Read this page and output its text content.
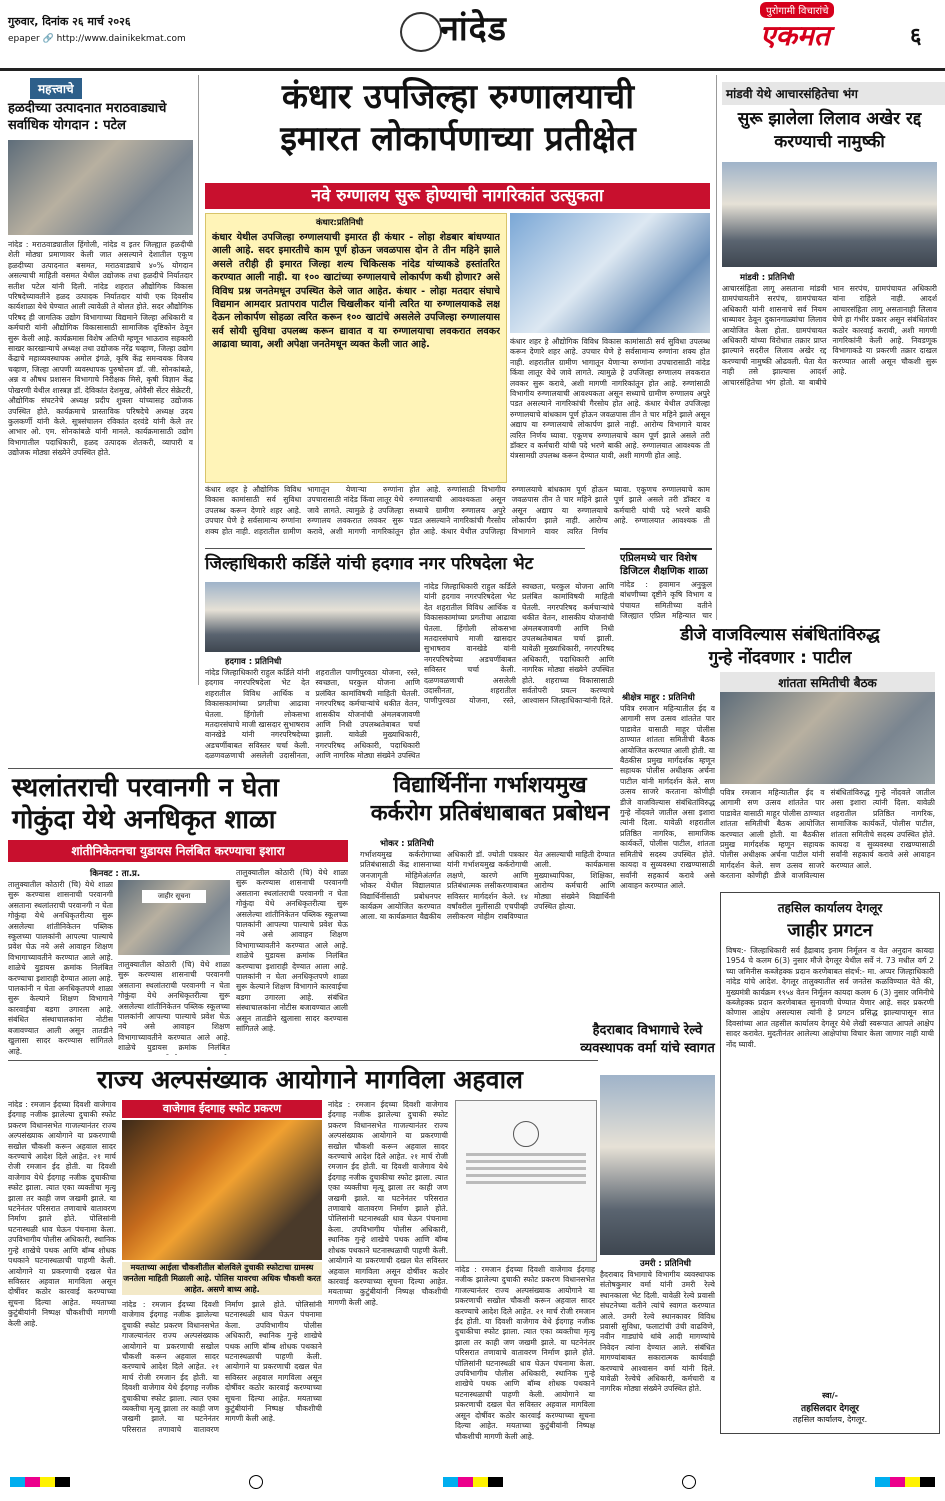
गुरुवार, दिनांक २६ मार्च २०२६
epaper 🔗 http://www.dainikekmat.com	नांदेड	पुरोगामी विचारांचे
एकमत	६
महत्त्वाचे
हळदीच्या उत्पादनात मराठवाड्याचे सर्वाधिक योगदान : पटेल
नांदेड : मराठवाड्यातील हिंगोली, नांदेड व इतर जिल्ह्यात हळदीची शेती मोठ्या प्रमाणावर केली जात असल्याने देशातील एकूण हळदीच्या उत्पादनात बसमत, मराठवाड्याचे ४०% योगदान असल्याची माहिती वसमत येथील उद्योजक तथा हळदीचे निर्यातदार सतीश पटेल यांनी दिली. नांदेड शहरात औद्योगिक विकास परिषदेच्यावतीने हळद उत्पादक निर्यातदार यांची एक दिवसीय कार्यशाळा येथे घेण्यात आली त्यावेळी ते बोलत होते. सदर औद्योगिक परिषद ही जागतिक उद्योग विभागाच्या विद्यमाने जिल्हा अधिकारी व कर्मचारी यांनी औद्योगिक विकासासाठी सामाजिक दृष्टिकोन ठेवून सुरू केली आहे. कार्यक्रमास विशेष अतिथी म्हणून भाऊराव सहकारी साखर कारखान्याचे अध्यक्ष तथा उद्योजक नरेंद्र चव्हाण, जिल्हा उद्योग केंद्राचे महाव्यवस्थापक अमोल इंगळे, कृषि केंद्र समन्वयक विजय चव्हाण, जिल्हा आपणी व्यवस्थापक पुरुषोत्तम डॉ. जी. सोनकांबळे, अन्न व औषध प्रशासन विभागाचे निरीक्षक मिसे, कृषी विज्ञान केंद्र पोखरणी येथील शास्त्रज्ञ डॉ. देविकांत देशमुख, ओवैसी सेंटर सेक्रेटरी, औद्योगिक संघटनेचे अध्यक्ष प्रदीप शुक्ला यांच्यासह उद्योजक उपस्थित होते. कार्यक्रमाचे प्रास्ताविक परिषदेचे अध्यक्ष उदय कुलकर्णी यांनी केले. सूत्रसंचालन रविकांत दरवंडे यांनी केले तर आभार ओ. एम. सोनकांबळे यांनी मानले. कार्यक्रमासाठी उद्योग विभागातील पदाधिकारी, हळद उत्पादक शेतकरी, व्यापारी व उद्योजक मोठ्या संख्येने उपस्थित होते.
कंधार उपजिल्हा रुग्णालयाची
इमारत लोकार्पणाच्या प्रतीक्षेत
नवे रुग्णालय सुरू होण्याची नागरिकांत उत्सुकता
कंधार:प्रतिनिधी
कंधार येथील उपजिल्हा रुग्णालयाची इमारत ही कंधार - लोहा शेडबार बांधण्यात आली आहे. सदर इमारतीचे काम पूर्ण होऊन जवळपास दोन ते तीन महिने झाले असले तरीही ही इमारत जिल्हा शल्य चिकित्सक नांदेड यांच्याकडे हस्तांतरित करण्यात आली नाही. या १०० खाटांच्या रुग्णालयाचे लोकार्पण कधी होणार? असे विविध प्रश्न जनतेमधून उपस्थित केले जात आहेत. कंधार - लोहा मतदार संघाचे विद्यमान आमदार प्रतापराव पाटील चिखलीकर यांनी त्वरित या रुग्णालयाकडे लक्ष देऊन लोकार्पण सोहळा त्वरित करून १०० खाटांचे असलेले उपजिल्हा रुग्णालयास सर्व सोयी सुविधा उपलब्ध करून द्यावात व या रुग्णालयाचा लवकरात लवकर आढावा घ्यावा, अशी अपेक्षा जनतेमधून व्यक्त केली जात आहे.	कंधार शहर हे औद्योगिक विविध विकास कामांसाठी सर्व सुविधा उपलब्ध करून देणारे शहर आहे. उपचार घेणे हे सर्वसामान्य रुग्णांना शक्य होत नाही. शहरातील ग्रामीण भागातून येणाऱ्या रुग्णांना उपचारासाठी नांदेड किंवा लातूर येथे जावे लागते. त्यामुळे हे उपजिल्हा रुग्णालय लवकरात लवकर सुरू करावे, अशी मागणी नागरिकांतून होत आहे. रुग्णांसाठी विभागीय रुग्णालयाची आवश्यकता असून सध्याचे ग्रामीण रुग्णालय अपुरे पडत असल्याने नागरिकांची गैरसोय होत आहे. कंधार येथील उपजिल्हा रुग्णालयाचे बांधकाम पूर्ण होऊन जवळपास तीन ते चार महिने झाले असून अद्याप या रुग्णालयाचे लोकार्पण झाले नाही. आरोग्य विभागाने यावर त्वरित निर्णय घ्यावा. एकूणच रुग्णालयाचे काम पूर्ण झाले असले तरी डॉक्टर व कर्मचारी यांची पदे भरणे बाकी आहे. रुग्णालयात आवश्यक ती यंत्रसामग्री उपलब्ध करून देण्यात यावी, अशी मागणी होत आहे.
कंधार शहर हे औद्योगिक विविध विकास कामांसाठी सर्व सुविधा उपलब्ध करून देणारे शहर आहे. उपचार घेणे हे सर्वसामान्य रुग्णांना शक्य होत नाही. शहरातील ग्रामीण भागातून येणाऱ्या रुग्णांना उपचारासाठी नांदेड किंवा लातूर येथे जावे लागते. त्यामुळे हे उपजिल्हा रुग्णालय लवकरात लवकर सुरू करावे, अशी मागणी नागरिकांतून होत आहे. रुग्णांसाठी विभागीय रुग्णालयाची आवश्यकता असून सध्याचे ग्रामीण रुग्णालय अपुरे पडत असल्याने नागरिकांची गैरसोय होत आहे. कंधार येथील उपजिल्हा रुग्णालयाचे बांधकाम पूर्ण होऊन जवळपास तीन ते चार महिने झाले असून अद्याप या रुग्णालयाचे लोकार्पण झाले नाही. आरोग्य विभागाने यावर त्वरित निर्णय घ्यावा. एकूणच रुग्णालयाचे काम पूर्ण झाले असले तरी डॉक्टर व कर्मचारी यांची पदे भरणे बाकी आहे. रुग्णालयात आवश्यक ती
मांडवी येथे आचारसंहितेचा भंग
सुरू झालेला लिलाव अखेर रद्द करण्याची नामुष्की
मांडवी : प्रतिनिधी
आचारसंहिता लागू असताना मांडवी ग्रामपंचायतीने सरपंच, ग्रामपंचायत अधिकारी यांनी शासनाचे सर्व नियम धाब्यावर ठेवून दुकानगाळ्यांचा लिलाव आयोजित केला होता. ग्रामपंचायत अधिकारी यांच्या विरोधात तक्रार प्राप्त झाल्याने सदरील लिलाव अखेर रद्द करण्याची नामुष्की ओढवली. घेता येत नाही तसे झाल्यास आदर्श आचारसंहितेचा भंग होतो. या बाबीचे भान सरपंच, ग्रामपंचायत अधिकारी यांना राहिले नाही. आदर्श आचारसंहिता लागू असतानाही लिलाव घेणे हा गंभीर प्रकार असून संबंधितांवर कठोर कारवाई करावी, अशी मागणी नागरिकांनी केली आहे. निवडणूक विभागाकडे या प्रकरणी तक्रार दाखल करण्यात आली असून चौकशी सुरू आहे.
जिल्हाधिकारी कर्डिले यांची हदगाव नगर परिषदेला भेट
हदगाव : प्रतिनिधी
नांदेड जिल्हाधिकारी राहुल कर्डिले यांनी हदगाव नगरपरिषदेला भेट देत शहरातील विविध आर्थिक व विकासकामांच्या प्रगतीचा आढावा घेतला. हिंगोली लोकसभा मतदारसंघाचे माजी खासदार सुभाषराव वानखेडे यांनी नगरपरिषदेच्या अडचणींबाबत सविस्तर चर्चा केली. दळणवळणाची असलेली उदासीनता, शहरातील पाणीपुरवठा योजना, रस्ते, स्वच्छता, घरकुल योजना आणि प्रलंबित कामांविषयी माहिती घेतली. नगरपरिषद कर्मचाऱ्यांचे थकीत वेतन, शासकीय योजनांची अंमलबजावणी आणि निधी उपलब्धतेबाबत चर्चा झाली. यावेळी मुख्याधिकारी, नगरपरिषद अधिकारी, पदाधिकारी आणि नागरिक मोठ्या संख्येने उपस्थित
नांदेड जिल्हाधिकारी राहुल कर्डिले यांनी हदगाव नगरपरिषदेला भेट देत शहरातील विविध आर्थिक व विकासकामांच्या प्रगतीचा आढावा घेतला. हिंगोली लोकसभा मतदारसंघाचे माजी खासदार सुभाषराव वानखेडे यांनी नगरपरिषदेच्या अडचणींबाबत सविस्तर चर्चा केली. दळणवळणाची असलेली उदासीनता, शहरातील पाणीपुरवठा योजना, रस्ते, स्वच्छता, घरकुल योजना आणि प्रलंबित कामांविषयी माहिती घेतली. नगरपरिषद कर्मचाऱ्यांचे थकीत वेतन, शासकीय योजनांची अंमलबजावणी आणि निधी उपलब्धतेबाबत चर्चा झाली. यावेळी मुख्याधिकारी, नगरपरिषद अधिकारी, पदाधिकारी आणि नागरिक मोठ्या संख्येने उपस्थित होते. शहराच्या विकासासाठी सर्वतोपरी प्रयत्न करण्याचे आश्वासन जिल्हाधिकाऱ्यांनी दिले.
एप्रिलमध्ये चार विशेष डिजिटल शैक्षणिक शाळा
नांदेड : हवामान अनुकूल बांधणीच्या दृष्टीने कृषि विभाग व पंचायत समितीच्या वतीने जिल्ह्यात एप्रिल महिन्यात चार
डीजे वाजविल्यास संबंधितांविरुद्ध
गुन्हे नोंदवणार : पाटील
शांतता समितीची बैठक
श्रीक्षेत्र माहूर : प्रतिनिधी
पवित्र रमजान महिन्यातील ईद व आगामी सण उत्सव शांततेत पार पाडावेत यासाठी माहूर पोलीस ठाण्यात शांतता समितीची बैठक आयोजित करण्यात आली होती. या बैठकीस प्रमुख मार्गदर्शक म्हणून सहायक पोलीस अधीक्षक अर्चना पाटील यांनी मार्गदर्शन केले. सण उत्सव साजरे करताना कोणीही डीजे वाजविल्यास संबंधितांविरुद्ध गुन्हे नोंदवले जातील असा इशारा त्यांनी दिला. यावेळी शहरातील प्रतिष्ठित नागरिक, सामाजिक कार्यकर्ते, पोलीस पाटील, शांतता समितीचे सदस्य उपस्थित होते. कायदा व सुव्यवस्था राखण्यासाठी सर्वांनी सहकार्य करावे असे आवाहन करण्यात आले.
पवित्र रमजान महिन्यातील ईद व आगामी सण उत्सव शांततेत पार पाडावेत यासाठी माहूर पोलीस ठाण्यात शांतता समितीची बैठक आयोजित करण्यात आली होती. या बैठकीस प्रमुख मार्गदर्शक म्हणून सहायक पोलीस अधीक्षक अर्चना पाटील यांनी मार्गदर्शन केले. सण उत्सव साजरे करताना कोणीही डीजे वाजविल्यास संबंधितांविरुद्ध गुन्हे नोंदवले जातील असा इशारा त्यांनी दिला. यावेळी शहरातील प्रतिष्ठित नागरिक, सामाजिक कार्यकर्ते, पोलीस पाटील, शांतता समितीचे सदस्य उपस्थित होते. कायदा व सुव्यवस्था राखण्यासाठी सर्वांनी सहकार्य करावे असे आवाहन करण्यात आले.
स्थलांतराची परवानगी न घेता
गोकुंदा येथे अनधिकृत शाळा
शांतीनिकेतनचा युडायस निलंबित करण्याचा इशारा
किनवट : ता.प्र.
तालुक्यातील कोठारी (चि) येथे शाळा सुरू करण्यास शासनाची परवानगी असताना स्थलांतराची परवानगी न घेता गोकुंदा येथे अनधिकृतरीत्या सुरू असलेल्या शांतीनिकेतन पब्लिक स्कूलच्या पालकांनी आपल्या पाल्याचे प्रवेश घेऊ नये असे आवाहन शिक्षण विभागाच्यावतीने करण्यात आले आहे. शाळेचे युडायस क्रमांक निलंबित करण्याचा इशाराही देण्यात आला आहे. पालकांनी न घेता अनधिकृतपणे शाळा सुरू केल्याने शिक्षण विभागाने कारवाईचा बडगा उगारला आहे. संबंधित संस्थाचालकांना नोटीस बजावण्यात आली असून तातडीने खुलासा सादर करण्यास सांगितले आहे.
जाहीर सूचना
तालुक्यातील कोठारी (चि) येथे शाळा सुरू करण्यास शासनाची परवानगी असताना स्थलांतराची परवानगी न घेता गोकुंदा येथे अनधिकृतरीत्या सुरू असलेल्या शांतीनिकेतन पब्लिक स्कूलच्या पालकांनी आपल्या पाल्याचे प्रवेश घेऊ नये असे आवाहन शिक्षण विभागाच्यावतीने करण्यात आले आहे. शाळेचे युडायस क्रमांक निलंबित
तालुक्यातील कोठारी (चि) येथे शाळा सुरू करण्यास शासनाची परवानगी असताना स्थलांतराची परवानगी न घेता गोकुंदा येथे अनधिकृतरीत्या सुरू असलेल्या शांतीनिकेतन पब्लिक स्कूलच्या पालकांनी आपल्या पाल्याचे प्रवेश घेऊ नये असे आवाहन शिक्षण विभागाच्यावतीने करण्यात आले आहे. शाळेचे युडायस क्रमांक निलंबित करण्याचा इशाराही देण्यात आला आहे. पालकांनी न घेता अनधिकृतपणे शाळा सुरू केल्याने शिक्षण विभागाने कारवाईचा बडगा उगारला आहे. संबंधित संस्थाचालकांना नोटीस बजावण्यात आली असून तातडीने खुलासा सादर करण्यास सांगितले आहे.
विद्यार्थिनींना गर्भाशयमुख
कर्करोग प्रतिबंधाबाबत प्रबोधन
भोकर : प्रतिनिधी
गर्भाशयमुख कर्करोगाच्या प्रतिबंधासाठी केंद्र शासनाच्या जनजागृती मोहिमेअंतर्गत भोकर येथील विद्यालयात विद्यार्थिनींसाठी प्रबोधनपर कार्यक्रम आयोजित करण्यात आला. या कार्यक्रमात वैद्यकीय अधिकारी डॉ. ज्योती पत्रकार यांनी गर्भाशयमुख कर्करोगाची लक्षणे, कारणे आणि प्रतिबंधात्मक लसीकरणाबाबत सविस्तर मार्गदर्शन केले. १४ वर्षांवरील मुलींसाठी एचपीव्ही लसीकरण मोहीम राबविण्यात येत असल्याची माहिती देण्यात आली. कार्यक्रमास मुख्याध्यापिका, शिक्षिका, आरोग्य कर्मचारी आणि मोठ्या संख्येने विद्यार्थिनी उपस्थित होत्या.	तहसिल कार्यालय देगलूर
जाहीर प्रगटन
विषय:- जिल्हाधिकारी सर्व हैद्राबाद इनाम निर्मूलन व वेत अनुदान कायदा 1954 चे कलम 6(3) नुसार मौजे देगलूर येथील सर्वे नं. 73 मधील वर्ग 2 च्या जमिनीस कब्जेहक्क प्रदान करणेबाबत संदर्भ:- मा. अप्पर जिल्हाधिकारी नांदेड यांचे आदेश. देगलूर तालुक्यातील सर्व जनतेस कळविण्यात येते की, मुख्यमंत्री कार्यक्रम १९५४ वेतन निर्मूलन कायदा कलम 6 (3) नुसार जमिनीचे कब्जेहक्क प्रदान करणेबाबत सुनावणी घेण्यात येणार आहे. सदर प्रकरणी कोणास आक्षेप असल्यास त्यांनी हे प्रगटन प्रसिद्ध झाल्यापासून सात दिवसांच्या आत तहसील कार्यालय देगलूर येथे लेखी स्वरूपात आपले आक्षेप सादर करावेत. मुदतीनंतर आलेल्या आक्षेपांचा विचार केला जाणार नाही याची नोंद घ्यावी.
स्वा/-
तहसिलदार देगलूर
तहसिल कार्यालय, देगलूर.
हैदराबाद विभागाचे रेल्वे
व्यवस्थापक वर्मा यांचे स्वागत
उमरी : प्रतिनिधी
हैदराबाद विभागाचे विभागीय व्यवस्थापक संतोषकुमार वर्मा यांनी उमरी रेल्वे स्थानकाला भेट दिली. यावेळी रेल्वे प्रवासी संघटनेच्या वतीने त्यांचे स्वागत करण्यात आले. उमरी रेल्वे स्थानकावर विविध प्रवासी सुविधा, फलाटांची उंची वाढविणे, नवीन गाड्यांचे थांबे आदी मागण्यांचे निवेदन त्यांना देण्यात आले. संबंधित मागण्यांबाबत सकारात्मक कार्यवाही करण्याचे आश्वासन वर्मा यांनी दिले. यावेळी रेल्वेचे अधिकारी, कर्मचारी व नागरिक मोठ्या संख्येने उपस्थित होते.
राज्य अल्पसंख्याक आयोगाने मागविला अहवाल
नांदेड : रमजान ईदच्या दिवशी वाजेगाव ईदगाह नजीक झालेल्या दुचाकी स्फोट प्रकरण विधानसभेत गाजल्यानंतर राज्य अल्पसंख्याक आयोगाने या प्रकरणाची सखोल चौकशी करून अहवाल सादर करण्याचे आदेश दिले आहेत. २१ मार्च रोजी रमजान ईद होती. या दिवशी वाजेगाव येथे ईदगाह नजीक दुचाकीचा स्फोट झाला. त्यात एका व्यक्तीचा मृत्यू झाला तर काही जण जखमी झाले. या घटनेनंतर परिसरात तणावाचे वातावरण निर्माण झाले होते. पोलिसांनी घटनास्थळी धाव घेऊन पंचनामा केला. उपविभागीय पोलीस अधिकारी, स्थानिक गुन्हे शाखेचे पथक आणि बॉम्ब शोधक पथकाने घटनास्थळाची पाहणी केली. आयोगाने या प्रकरणाची दखल घेत सविस्तर अहवाल मागविला असून दोषींवर कठोर कारवाई करण्याच्या सूचना दिल्या आहेत. मयताच्या कुटुंबीयांनी निष्पक्ष चौकशीची मागणी केली आहे.
वाजेगाव ईदगाह स्फोट प्रकरण
मयताच्या आईला चौकशीतील बोलविले दुचाकी स्फोटाचा ग्रामस्थ जनतेला माहिती मिळाली आहे. पोलिस यावरचा अधिक चौकशी करत आहेत. असणे बाध्य आहे.
नांदेड : रमजान ईदच्या दिवशी वाजेगाव ईदगाह नजीक झालेल्या दुचाकी स्फोट प्रकरण विधानसभेत गाजल्यानंतर राज्य अल्पसंख्याक आयोगाने या प्रकरणाची सखोल चौकशी करून अहवाल सादर करण्याचे आदेश दिले आहेत. २१ मार्च रोजी रमजान ईद होती. या दिवशी वाजेगाव येथे ईदगाह नजीक दुचाकीचा स्फोट झाला. त्यात एका व्यक्तीचा मृत्यू झाला तर काही जण जखमी झाले. या घटनेनंतर परिसरात तणावाचे वातावरण निर्माण झाले होते. पोलिसांनी घटनास्थळी धाव घेऊन पंचनामा केला. उपविभागीय पोलीस अधिकारी, स्थानिक गुन्हे शाखेचे पथक आणि बॉम्ब शोधक पथकाने घटनास्थळाची पाहणी केली. आयोगाने या प्रकरणाची दखल घेत सविस्तर अहवाल मागविला असून दोषींवर कठोर कारवाई करण्याच्या सूचना दिल्या आहेत. मयताच्या कुटुंबीयांनी निष्पक्ष चौकशीची मागणी केली आहे.
नांदेड : रमजान ईदच्या दिवशी वाजेगाव ईदगाह नजीक झालेल्या दुचाकी स्फोट प्रकरण विधानसभेत गाजल्यानंतर राज्य अल्पसंख्याक आयोगाने या प्रकरणाची सखोल चौकशी करून अहवाल सादर करण्याचे आदेश दिले आहेत. २१ मार्च रोजी रमजान ईद होती. या दिवशी वाजेगाव येथे ईदगाह नजीक दुचाकीचा स्फोट झाला. त्यात एका व्यक्तीचा मृत्यू झाला तर काही जण जखमी झाले. या घटनेनंतर परिसरात तणावाचे वातावरण निर्माण झाले होते. पोलिसांनी घटनास्थळी धाव घेऊन पंचनामा केला. उपविभागीय पोलीस अधिकारी, स्थानिक गुन्हे शाखेचे पथक आणि बॉम्ब शोधक पथकाने घटनास्थळाची पाहणी केली. आयोगाने या प्रकरणाची दखल घेत सविस्तर अहवाल मागविला असून दोषींवर कठोर कारवाई करण्याच्या सूचना दिल्या आहेत. मयताच्या कुटुंबीयांनी निष्पक्ष चौकशीची मागणी केली आहे.
नांदेड : रमजान ईदच्या दिवशी वाजेगाव ईदगाह नजीक झालेल्या दुचाकी स्फोट प्रकरण विधानसभेत गाजल्यानंतर राज्य अल्पसंख्याक आयोगाने या प्रकरणाची सखोल चौकशी करून अहवाल सादर करण्याचे आदेश दिले आहेत. २१ मार्च रोजी रमजान ईद होती. या दिवशी वाजेगाव येथे ईदगाह नजीक दुचाकीचा स्फोट झाला. त्यात एका व्यक्तीचा मृत्यू झाला तर काही जण जखमी झाले. या घटनेनंतर परिसरात तणावाचे वातावरण निर्माण झाले होते. पोलिसांनी घटनास्थळी धाव घेऊन पंचनामा केला. उपविभागीय पोलीस अधिकारी, स्थानिक गुन्हे शाखेचे पथक आणि बॉम्ब शोधक पथकाने घटनास्थळाची पाहणी केली. आयोगाने या प्रकरणाची दखल घेत सविस्तर अहवाल मागविला असून दोषींवर कठोर कारवाई करण्याच्या सूचना दिल्या आहेत. मयताच्या कुटुंबीयांनी निष्पक्ष चौकशीची मागणी केली आहे.
